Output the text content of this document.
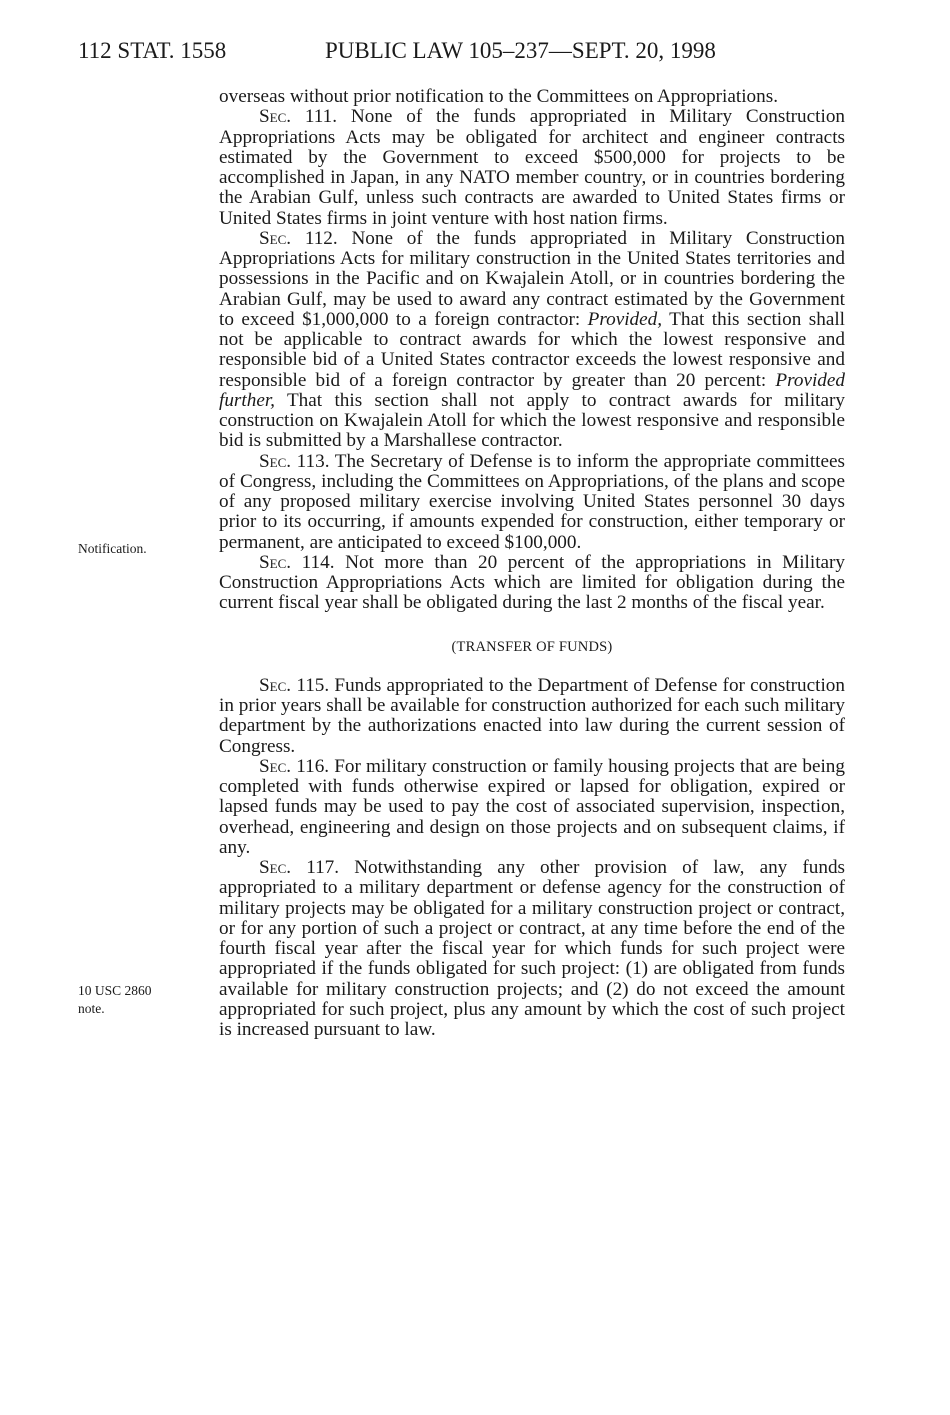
112 STAT. 1558	PUBLIC LAW 105–237—SEPT. 20, 1998
Notification.
10 USC 2860
note.

overseas without prior notification to the Committees on Appropriations.

Sec. 111. None of the funds appropriated in Military Construction Appropriations Acts may be obligated for architect and engineer contracts estimated by the Government to exceed $500,000 for projects to be accomplished in Japan, in any NATO member country, or in countries bordering the Arabian Gulf, unless such contracts are awarded to United States firms or United States firms in joint venture with host nation firms.

Sec. 112. None of the funds appropriated in Military Construction Appropriations Acts for military construction in the United States territories and possessions in the Pacific and on Kwajalein Atoll, or in countries bordering the Arabian Gulf, may be used to award any contract estimated by the Government to exceed $1,000,000 to a foreign contractor: Provided, That this section shall not be applicable to contract awards for which the lowest responsive and responsible bid of a United States contractor exceeds the lowest responsive and responsible bid of a foreign contractor by greater than 20 percent: Provided further, That this section shall not apply to contract awards for military construction on Kwajalein Atoll for which the lowest responsive and responsible bid is submitted by a Marshallese contractor.

Sec. 113. The Secretary of Defense is to inform the appropriate committees of Congress, including the Committees on Appropriations, of the plans and scope of any proposed military exercise involving United States personnel 30 days prior to its occurring, if amounts expended for construction, either temporary or permanent, are anticipated to exceed $100,000.

Sec. 114. Not more than 20 percent of the appropriations in Military Construction Appropriations Acts which are limited for obligation during the current fiscal year shall be obligated during the last 2 months of the fiscal year.

(TRANSFER OF FUNDS)

Sec. 115. Funds appropriated to the Department of Defense for construction in prior years shall be available for construction authorized for each such military department by the authorizations enacted into law during the current session of Congress.

Sec. 116. For military construction or family housing projects that are being completed with funds otherwise expired or lapsed for obligation, expired or lapsed funds may be used to pay the cost of associated supervision, inspection, overhead, engineering and design on those projects and on subsequent claims, if any.

Sec. 117. Notwithstanding any other provision of law, any funds appropriated to a military department or defense agency for the construction of military projects may be obligated for a military construction project or contract, or for any portion of such a project or contract, at any time before the end of the fourth fiscal year after the fiscal year for which funds for such project were appropriated if the funds obligated for such project: (1) are obligated from funds available for military construction projects; and (2) do not exceed the amount appropriated for such project, plus any amount by which the cost of such project is increased pursuant to law.
